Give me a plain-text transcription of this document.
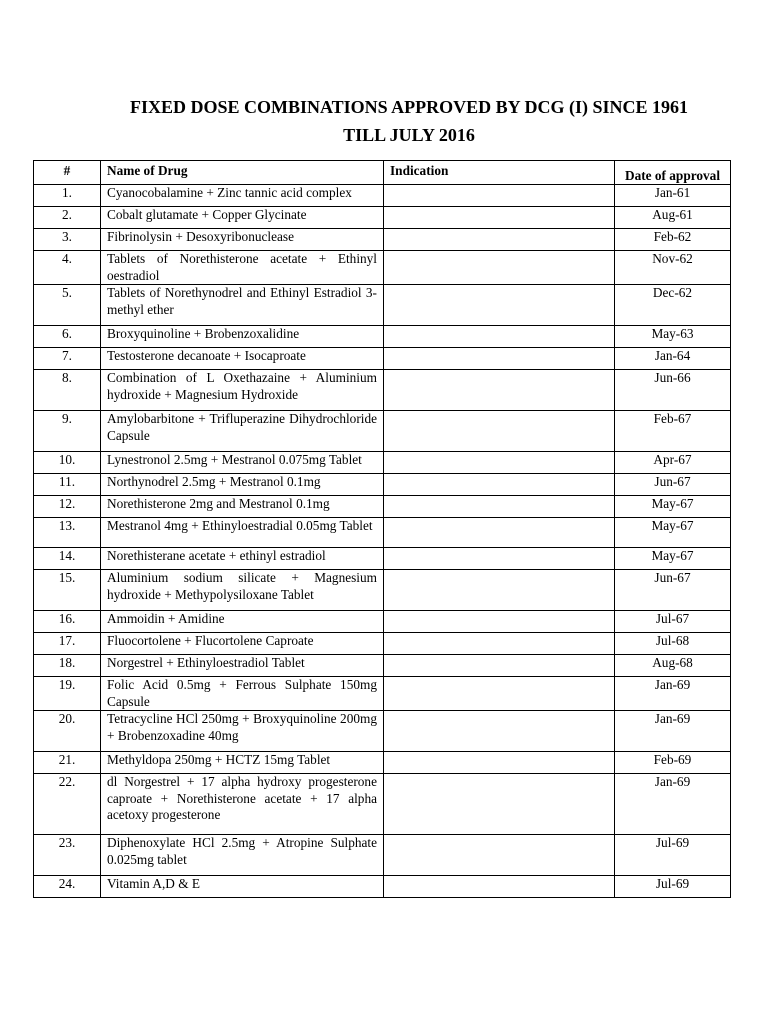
FIXED DOSE COMBINATIONS APPROVED BY DCG (I) SINCE 1961
TILL JULY 2016
#	Name of Drug	Indication	Date of approval
1.	Cyanocobalamine + Zinc tannic acid complex		Jan-61
2.	Cobalt glutamate + Copper Glycinate		Aug-61
3.	Fibrinolysin + Desoxyribonuclease		Feb-62
4.	Tablets of Norethisterone acetate + Ethinyl oestradiol		Nov-62
5.	Tablets of Norethynodrel and Ethinyl Estradiol 3-methyl ether		Dec-62
6.	Broxyquinoline + Brobenzoxalidine		May-63
7.	Testosterone decanoate + Isocaproate		Jan-64
8.	Combination of L Oxethazaine + Aluminium hydroxide + Magnesium Hydroxide		Jun-66
9.	Amylobarbitone + Trifluperazine Dihydrochloride Capsule		Feb-67
10.	Lynestronol 2.5mg + Mestranol 0.075mg Tablet		Apr-67
11.	Northynodrel 2.5mg + Mestranol 0.1mg		Jun-67
12.	Norethisterone 2mg and Mestranol 0.1mg		May-67
13.	Mestranol 4mg + Ethinyloestradial 0.05mg Tablet		May-67
14.	Norethisterane acetate + ethinyl estradiol		May-67
15.	Aluminium sodium silicate + Magnesium hydroxide + Methypolysiloxane Tablet		Jun-67
16.	Ammoidin + Amidine		Jul-67
17.	Fluocortolene + Flucortolene Caproate		Jul-68
18.	Norgestrel + Ethinyloestradiol Tablet		Aug-68
19.	Folic Acid 0.5mg + Ferrous Sulphate 150mg Capsule		Jan-69
20.	Tetracycline HCl 250mg + Broxyquinoline 200mg + Brobenzoxadine 40mg		Jan-69
21.	Methyldopa 250mg + HCTZ 15mg Tablet		Feb-69
22.	dl Norgestrel + 17 alpha hydroxy progesterone caproate + Norethisterone acetate + 17 alpha acetoxy progesterone		Jan-69
23.	Diphenoxylate HCl 2.5mg + Atropine Sulphate 0.025mg tablet		Jul-69
24.	Vitamin A,D & E		Jul-69
